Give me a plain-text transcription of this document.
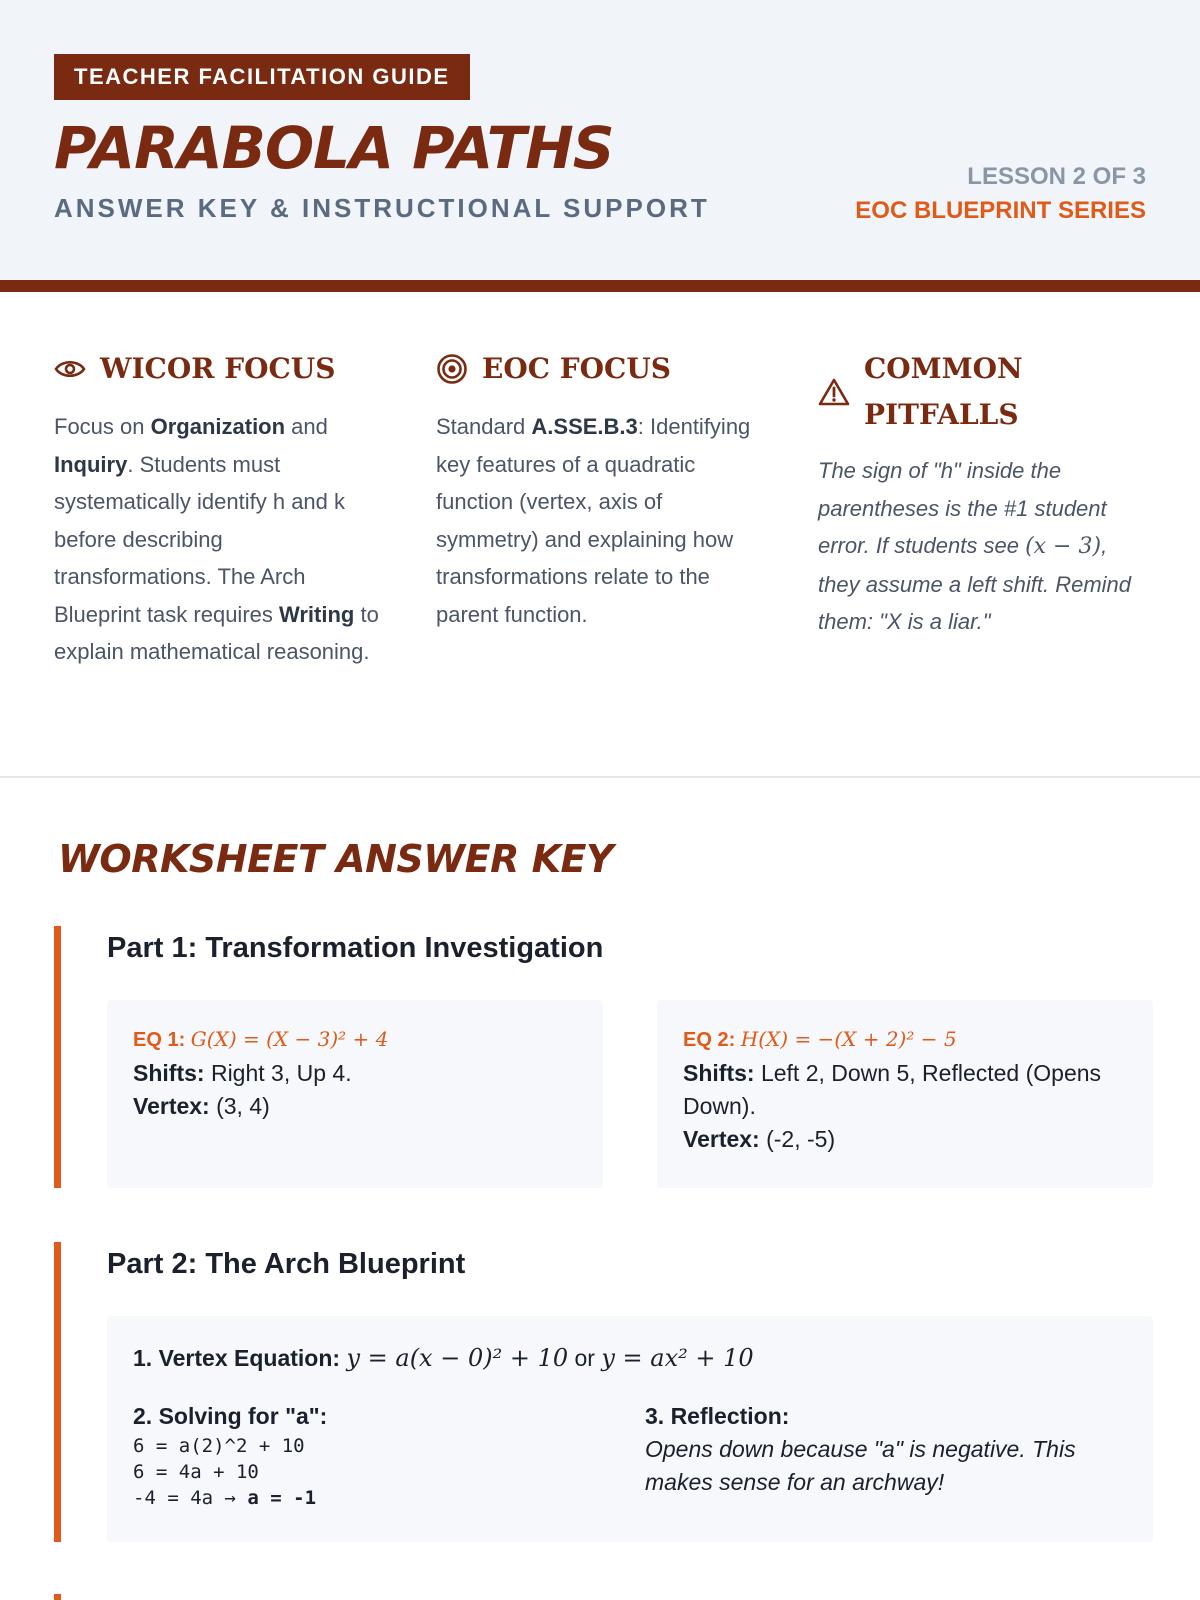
TEACHER FACILITATION GUIDE
PARABOLA PATHS
ANSWER KEY & INSTRUCTIONAL SUPPORT
LESSON 2 OF 3
EOC BLUEPRINT SERIES
WICOR FOCUS
Focus on Organization and Inquiry. Students must systematically identify h and k before describing transformations. The Arch Blueprint task requires Writing to explain mathematical reasoning.
EOC FOCUS
Standard A.SSE.B.3: Identifying key features of a quadratic function (vertex, axis of symmetry) and explaining how transformations relate to the parent function.
COMMON
PITFALLS
The sign of "h" inside the parentheses is the #1 student error. If students see (x − 3), they assume a left shift. Remind them: "X is a liar."
WORKSHEET ANSWER KEY
Part 1: Transformation Investigation
EQ 1: G(X) = (X − 3)² + 4
Shifts: Right 3, Up 4.
Vertex: (3, 4)
EQ 2: H(X) = −(X + 2)² − 5
Shifts: Left 2, Down 5, Reflected (Opens Down).
Vertex: (-2, -5)
Part 2: The Arch Blueprint
1. Vertex Equation: y = a(x − 0)² + 10 or y = ax² + 10
2. Solving for "a":
6 = a(2)^2 + 10
6 = 4a + 10
-4 = 4a → a = -1
3. Reflection:
Opens down because "a" is negative. This makes sense for an archway!
